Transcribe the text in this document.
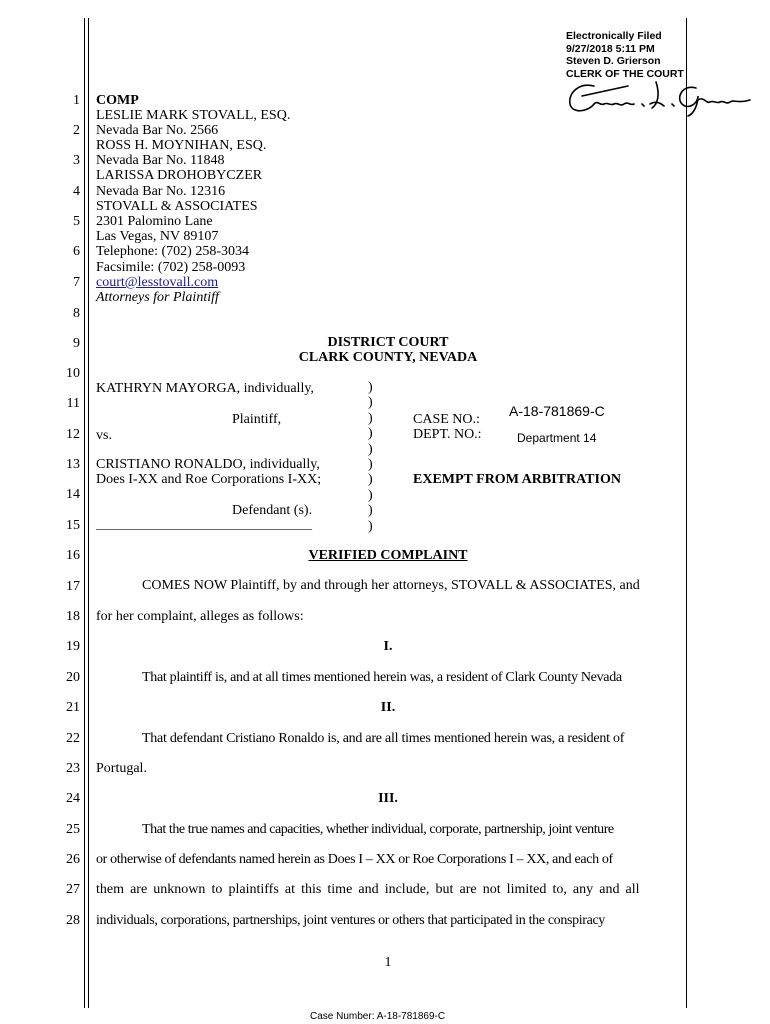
Electronically Filed
9/27/2018 5:11 PM
Steven D. Grierson
CLERK OF THE COURT
1
2
3
4
5
6
7
8
9
10
11
12
13
14
15
16
17
18
19
20
21
22
23
24
25
26
27
28
COMP
LESLIE MARK STOVALL, ESQ.
Nevada Bar No. 2566
ROSS H. MOYNIHAN, ESQ.
Nevada Bar No. 11848
LARISSA DROHOBYCZER
Nevada Bar No. 12316
STOVALL & ASSOCIATES
2301 Palomino Lane
Las Vegas, NV 89107
Telephone: (702) 258-3034
Facsimile: (702) 258-0093
court@lesstovall.com
Attorneys for Plaintiff
DISTRICT COURT
CLARK COUNTY, NEVADA
KATHRYN MAYORGA, individually,
Plaintiff,
vs.
CRISTIANO RONALDO, individually,
Does I-XX and Roe Corporations I-XX;
Defendant (s).
____________________________________
)
)
)
)
)
)
)
)
)
)
CASE NO.:
A-18-781869-C
DEPT. NO.:	Department 14
EXEMPT FROM ARBITRATION
VERIFIED COMPLAINT
COMES NOW Plaintiff, by and through her attorneys, STOVALL & ASSOCIATES, and
for her complaint, alleges as follows:
I.
That plaintiff is, and at all times mentioned herein was, a resident of Clark County Nevada
II.
That defendant Cristiano Ronaldo is, and are all times mentioned herein was, a resident of
Portugal.
III.
That the true names and capacities, whether individual, corporate, partnership, joint venture
or otherwise of defendants named herein as Does I – XX or Roe Corporations I – XX, and each of
them are unknown to plaintiffs at this time and include, but are not limited to, any and all
individuals, corporations, partnerships, joint ventures or others that participated in the conspiracy
1
Case Number: A-18-781869-C
